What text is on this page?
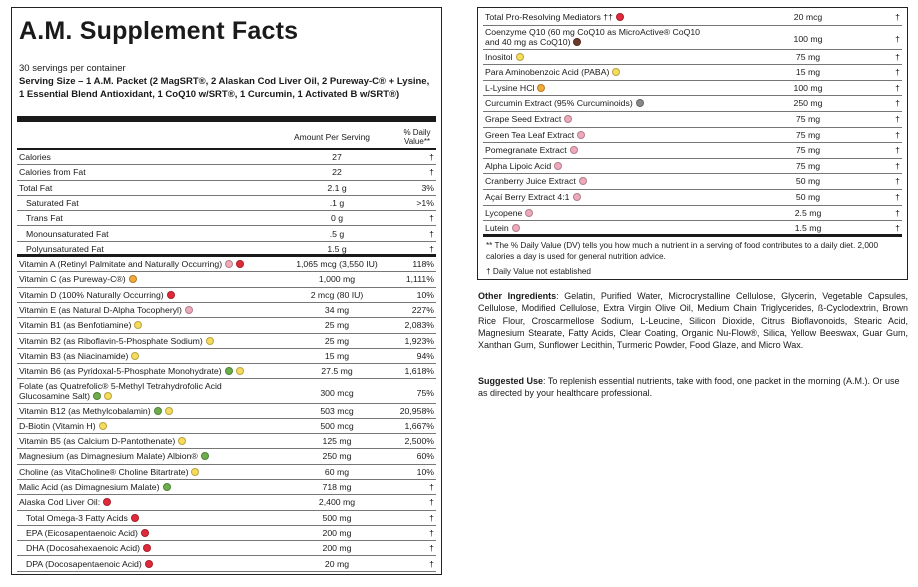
A.M. Supplement Facts
30 servings per container
Serving Size – 1 A.M. Packet (2 MagSRT®, 2 Alaskan Cod Liver Oil, 2 Pureway-C® + Lysine, 1 Essential Blend Antioxidant, 1 CoQ10 w/SRT®, 1 Curcumin, 1 Activated B w/SRT®)
Amount Per Serving	% Daily Value**
Calories	27	†
Calories from Fat	22	†
Total Fat	2.1 g	3%
Saturated Fat	.1 g	>1%
Trans Fat	0 g	†
Monounsaturated Fat	.5 g	†
Polyunsaturated Fat	1.5 g	†
Vitamin A (Retinyl Palmitate and Naturally Occurring)	1,065 mcg (3,550 IU)	118%
Vitamin C (as Pureway-C®)	1,000 mg	1,111%
Vitamin D (100% Naturally Occurring)	2 mcg (80 IU)	10%
Vitamin E (as Natural D-Alpha Tocopheryl)	34 mg	227%
Vitamin B1 (as Benfotiamine)	25 mg	2,083%
Vitamin B2 (as Riboflavin-5-Phosphate Sodium)	25 mg	1,923%
Vitamin B3 (as Niacinamide)	15 mg	94%
Vitamin B6 (as Pyridoxal-5-Phosphate Monohydrate)	27.5 mg	1,618%
Folate (as Quatrefolic® 5-Methyl Tetrahydrofolic Acid Glucosamine Salt)	300 mcg	75%
Vitamin B12 (as Methylcobalamin)	503 mcg	20,958%
D-Biotin (Vitamin H)	500 mcg	1,667%
Vitamin B5 (as Calcium D-Pantothenate)	125 mg	2,500%
Magnesium (as Dimagnesium Malate) Albion®	250 mg	60%
Choline (as VitaCholine® Choline Bitartrate)	60 mg	10%
Malic Acid (as Dimagnesium Malate)	718 mg	†
Alaska Cod Liver Oil:	2,400 mg	†
Total Omega-3 Fatty Acids	500 mg	†
EPA (Eicosapentaenoic Acid)	200 mg	†
DHA (Docosahexaenoic Acid)	200 mg	†
DPA (Docosapentaenoic Acid)	20 mg	†
Total Pro-Resolving Mediators ††	20 mcg	†
Coenzyme Q10 (60 mg CoQ10 as MicroActive® CoQ10 and 40 mg as CoQ10)	100 mg	†
Inositol	75 mg	†
Para Aminobenzoic Acid (PABA)	15 mg	†
L-Lysine HCl	100 mg	†
Curcumin Extract (95% Curcuminoids)	250 mg	†
Grape Seed Extract	75 mg	†
Green Tea Leaf Extract	75 mg	†
Pomegranate Extract	75 mg	†
Alpha Lipoic Acid	75 mg	†
Cranberry Juice Extract	50 mg	†
Açaí Berry Extract 4:1	50 mg	†
Lycopene	2.5 mg	†
Lutein	1.5 mg	†
** The % Daily Value (DV) tells you how much a nutrient in a serving of food contributes to a daily diet. 2,000 calories a day is used for general nutrition advice.
† Daily Value not established
Other Ingredients: Gelatin, Purified Water, Microcrystalline Cellulose, Glycerin, Vegetable Capsules, Cellulose, Modified Cellulose, Extra Virgin Olive Oil, Medium Chain Triglycerides, ß-Cyclodextrin, Brown Rice Flour, Croscarmellose Sodium, L-Leucine, Silicon Dioxide, Citrus Bioflavonoids, Stearic Acid, Magnesium Stearate, Fatty Acids, Clear Coating, Organic Nu-Flow®, Silica, Yellow Beeswax, Guar Gum, Xanthan Gum, Sunflower Lecithin, Turmeric Powder, Food Glaze, and Micro Wax.
Suggested Use: To replenish essential nutrients, take with food, one packet in the morning (A.M.). Or use as directed by your healthcare professional.
